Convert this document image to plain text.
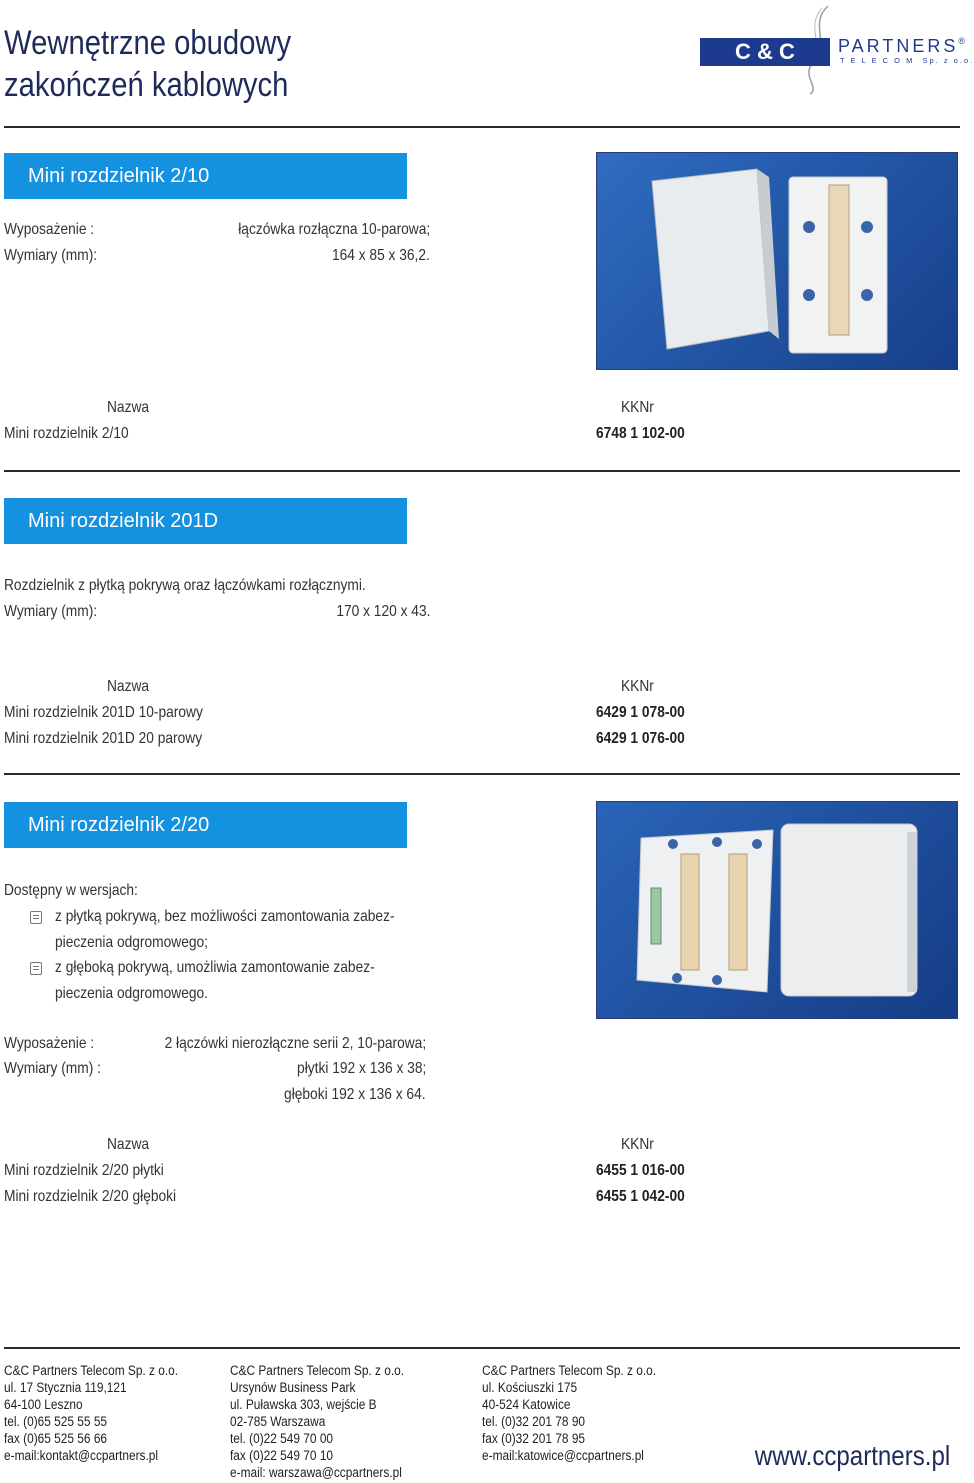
Wewnętrzne obudowy
zakończeń kablowych
C & C	PARTNERS®
T E L E C O M  Sp. z o.o.
Mini rozdzielnik 2/10
Wyposażenie :	łączówka rozłączna 10-parowa;
Wymiary (mm):	164 x 85 x 36,2.
Nazwa	KKNr
Mini rozdzielnik 2/10	6748 1 102-00
Mini rozdzielnik 201D
Rozdzielnik z płytką pokrywą oraz łączówkami rozłącznymi.
Wymiary (mm):	170 x 120 x 43.
Nazwa	KKNr
Mini rozdzielnik 201D 10-parowy	6429 1 078-00
Mini rozdzielnik 201D 20 parowy	6429 1 076-00
Mini rozdzielnik 2/20
Dostępny w wersjach:
z płytką pokrywą, bez możliwości zamontowania zabez-
pieczenia odgromowego;
z głęboką pokrywą, umożliwia zamontowanie zabez-
pieczenia odgromowego.
Wyposażenie :	2 łączówki nierozłączne serii 2, 10-parowa;
Wymiary (mm) :	płytki 192 x 136 x 38;
głęboki 192 x 136 x 64.
Nazwa	KKNr
Mini rozdzielnik 2/20 płytki	6455 1 016-00
Mini rozdzielnik 2/20 głęboki	6455 1 042-00
C&C Partners Telecom Sp. z o.o.
ul. 17 Stycznia 119,121
64-100 Leszno
tel. (0)65 525 55 55
fax (0)65 525 56 66
e-mail:kontakt@ccpartners.pl
C&C Partners Telecom Sp. z o.o.
Ursynów Business Park
ul. Puławska 303, wejście B
02-785 Warszawa
tel. (0)22 549 70 00
fax (0)22 549 70 10
e-mail: warszawa@ccpartners.pl
C&C Partners Telecom Sp. z o.o.
ul. Kościuszki 175
40-524 Katowice
tel. (0)32 201 78 90
fax (0)32 201 78 95
e-mail:katowice@ccpartners.pl	www.ccpartners.pl
